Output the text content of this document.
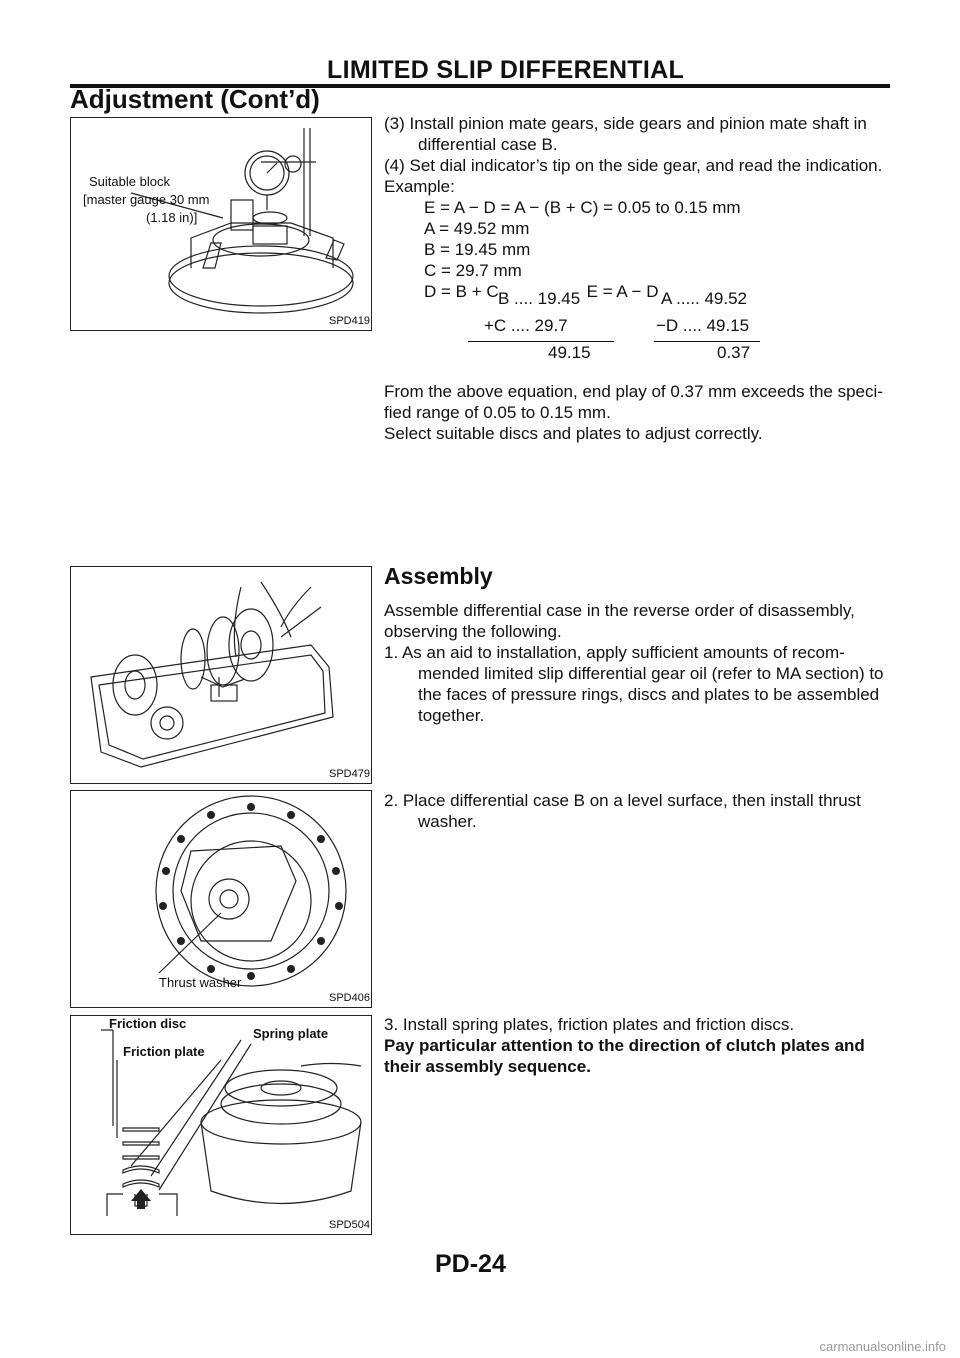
LIMITED SLIP DIFFERENTIAL
Adjustment (Cont’d)
Suitable block
[master gauge 30 mm
(1.18 in)]
SPD419

(3) Install pinion mate gears, side gears and pinion mate shaft in differential case B.

(4) Set dial indicator’s tip on the side gear, and read the indication.

Example:

E = A − D = A − (B + C) = 0.05 to 0.15 mm

A = 49.52 mm

B = 19.45 mm

C = 29.7 mm

D = B + C	E = A − D

B .... 19.45
+C .... 29.7
49.15
A ..... 49.52
−D .... 49.15
0.37

From the above equation, end play of 0.37 mm exceeds the speci-

fied range of 0.05 to 0.15 mm.

Select suitable discs and plates to adjust correctly.

SPD479
Assembly

Assemble differential case in the reverse order of disassembly, observing the following.

1. As an aid to installation, apply sufficient amounts of recom- mended limited slip differential gear oil (refer to MA section) to the faces of pressure rings, discs and plates to be assembled together.

Thrust washer
SPD406

2. Place differential case B on a level surface, then install thrust washer.

Friction disc
Friction plate
Spring plate
SPD504

3. Install spring plates, friction plates and friction discs.

Pay particular attention to the direction of clutch plates and their assembly sequence.

PD-24
carmanualsonline.info
